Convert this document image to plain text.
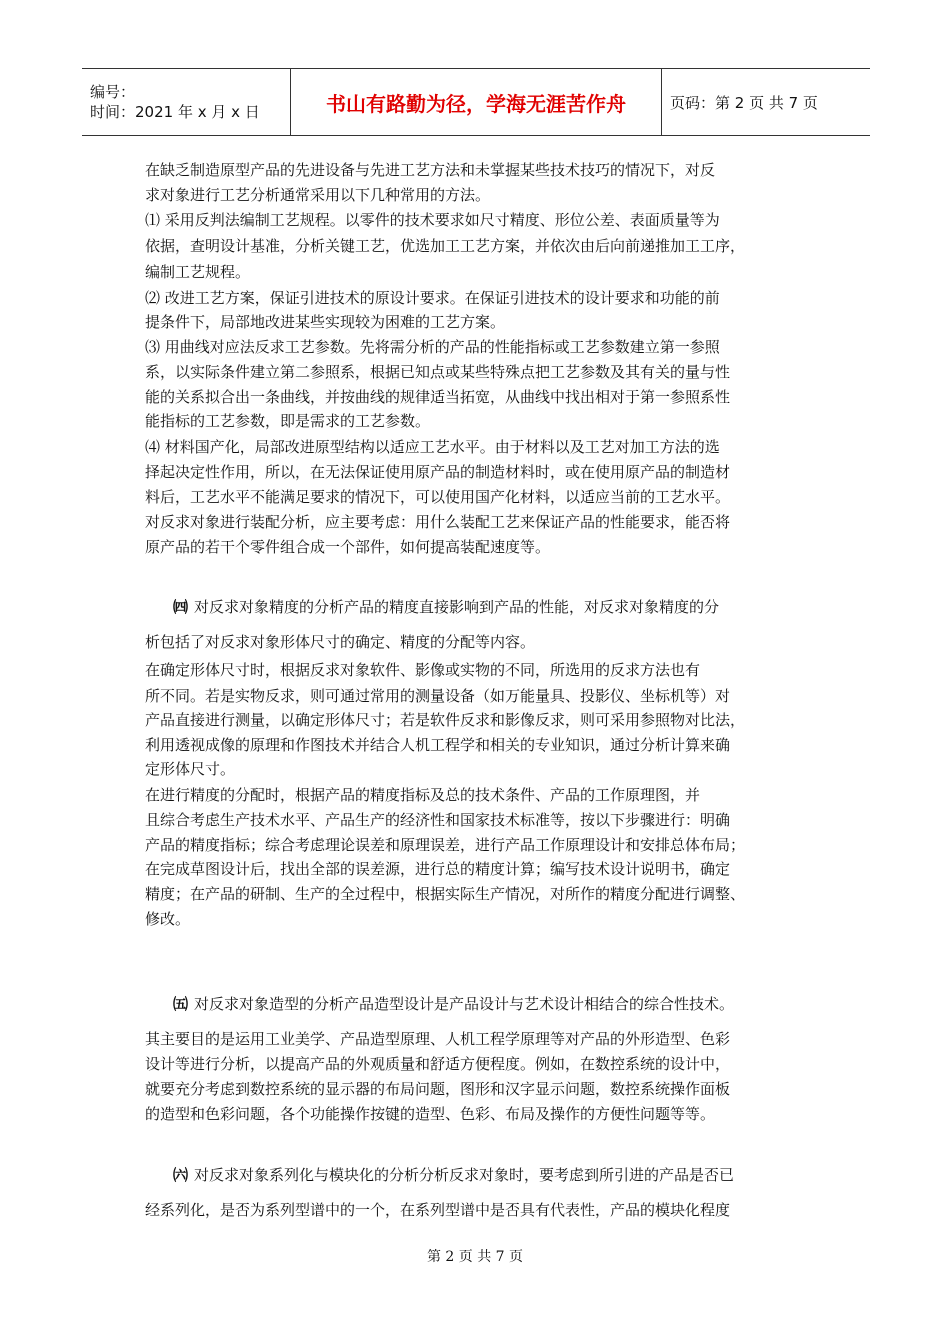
编号：
时间：2021 年 x 月 x 日	书山有路勤为径，学海无涯苦作舟	页码：第 2 页 共 7 页
在缺乏制造原型产品的先进设备与先进工艺方法和未掌握某些技术技巧的情况下，对反
求对象进行工艺分析通常采用以下几种常用的方法。
⑴ 采用反判法编制工艺规程。以零件的技术要求如尺寸精度、形位公差、表面质量等为
依据，查明设计基准，分析关键工艺，优选加工工艺方案，并依次由后向前递推加工工序，
编制工艺规程。
⑵ 改进工艺方案，保证引进技术的原设计要求。在保证引进技术的设计要求和功能的前
提条件下，局部地改进某些实现较为困难的工艺方案。
⑶ 用曲线对应法反求工艺参数。先将需分析的产品的性能指标或工艺参数建立第一参照
系，以实际条件建立第二参照系，根据已知点或某些特殊点把工艺参数及其有关的量与性
能的关系拟合出一条曲线，并按曲线的规律适当拓宽，从曲线中找出相对于第一参照系性
能指标的工艺参数，即是需求的工艺参数。
⑷ 材料国产化，局部改进原型结构以适应工艺水平。由于材料以及工艺对加工方法的选
择起决定性作用，所以，在无法保证使用原产品的制造材料时，或在使用原产品的制造材
料后，工艺水平不能满足要求的情况下，可以使用国产化材料，以适应当前的工艺水平。
对反求对象进行装配分析，应主要考虑：用什么装配工艺来保证产品的性能要求，能否将
原产品的若干个零件组合成一个部件，如何提高装配速度等。
㈣ 对反求对象精度的分析产品的精度直接影响到产品的性能，对反求对象精度的分
析包括了对反求对象形体尺寸的确定、精度的分配等内容。
在确定形体尺寸时，根据反求对象软件、影像或实物的不同，所选用的反求方法也有
所不同。若是实物反求，则可通过常用的测量设备（如万能量具、投影仪、坐标机等）对
产品直接进行测量，以确定形体尺寸；若是软件反求和影像反求，则可采用参照物对比法，
利用透视成像的原理和作图技术并结合人机工程学和相关的专业知识，通过分析计算来确
定形体尺寸。
在进行精度的分配时，根据产品的精度指标及总的技术条件、产品的工作原理图，并
且综合考虑生产技术水平、产品生产的经济性和国家技术标准等，按以下步骤进行：明确
产品的精度指标；综合考虑理论误差和原理误差，进行产品工作原理设计和安排总体布局；
在完成草图设计后，找出全部的误差源，进行总的精度计算；编写技术设计说明书，确定
精度；在产品的研制、生产的全过程中，根据实际生产情况，对所作的精度分配进行调整、
修改。
㈤ 对反求对象造型的分析产品造型设计是产品设计与艺术设计相结合的综合性技术。
其主要目的是运用工业美学、产品造型原理、人机工程学原理等对产品的外形造型、色彩
设计等进行分析，以提高产品的外观质量和舒适方便程度。例如，在数控系统的设计中，
就要充分考虑到数控系统的显示器的布局问题，图形和汉字显示问题，数控系统操作面板
的造型和色彩问题，各个功能操作按键的造型、色彩、布局及操作的方便性问题等等。
㈥ 对反求对象系列化与模块化的分析分析反求对象时，要考虑到所引进的产品是否已
经系列化，是否为系列型谱中的一个，在系列型谱中是否具有代表性，产品的模块化程度
第 2 页 共 7 页
